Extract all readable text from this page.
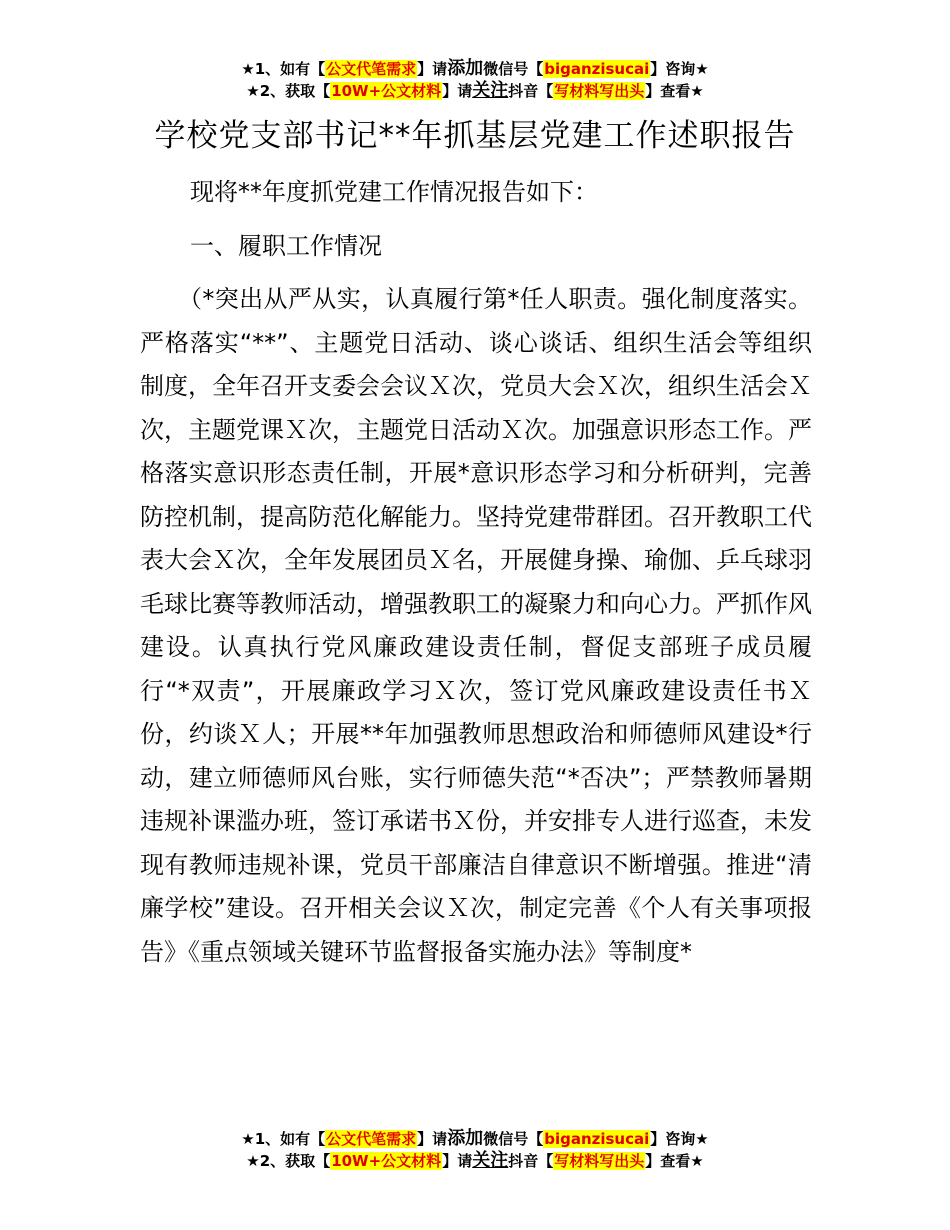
★1、如有【公文代笔需求】请添加微信号【biganzisucai】咨询★
★2、获取【10W+公文材料】请关注抖音【写材料写出头】查看★
学校党支部书记**年抓基层党建工作述职报告
现将**年度抓党建工作情况报告如下：
一、履职工作情况
（*突出从严从实，认真履行第*任人职责。强化制度落实。严格落实“**”、主题党日活动、谈心谈话、组织生活会等组织制度，全年召开支委会会议Ｘ次，党员大会Ｘ次，组织生活会Ｘ次，主题党课Ｘ次，主题党日活动Ｘ次。加强意识形态工作。严格落实意识形态责任制，开展*意识形态学习和分析研判，完善防控机制，提高防范化解能力。坚持党建带群团。召开教职工代表大会Ｘ次，全年发展团员Ｘ名，开展健身操、瑜伽、乒乓球羽毛球比赛等教师活动，增强教职工的凝聚力和向心力。严抓作风建设。认真执行党风廉政建设责任制，督促支部班子成员履行“*双责”，开展廉政学习Ｘ次，签订党风廉政建设责任书Ｘ份，约谈Ｘ人；开展**年加强教师思想政治和师德师风建设*行动，建立师德师风台账，实行师德失范“*否决”；严禁教师暑期违规补课滥办班，签订承诺书Ｘ份，并安排专人进行巡查，未发现有教师违规补课，党员干部廉洁自律意识不断增强。推进“清廉学校”建设。召开相关会议Ｘ次，制定完善《个人有关事项报告》《重点领域关键环节监督报备实施办法》等制度*
★1、如有【公文代笔需求】请添加微信号【biganzisucai】咨询★
★2、获取【10W+公文材料】请关注抖音【写材料写出头】查看★
